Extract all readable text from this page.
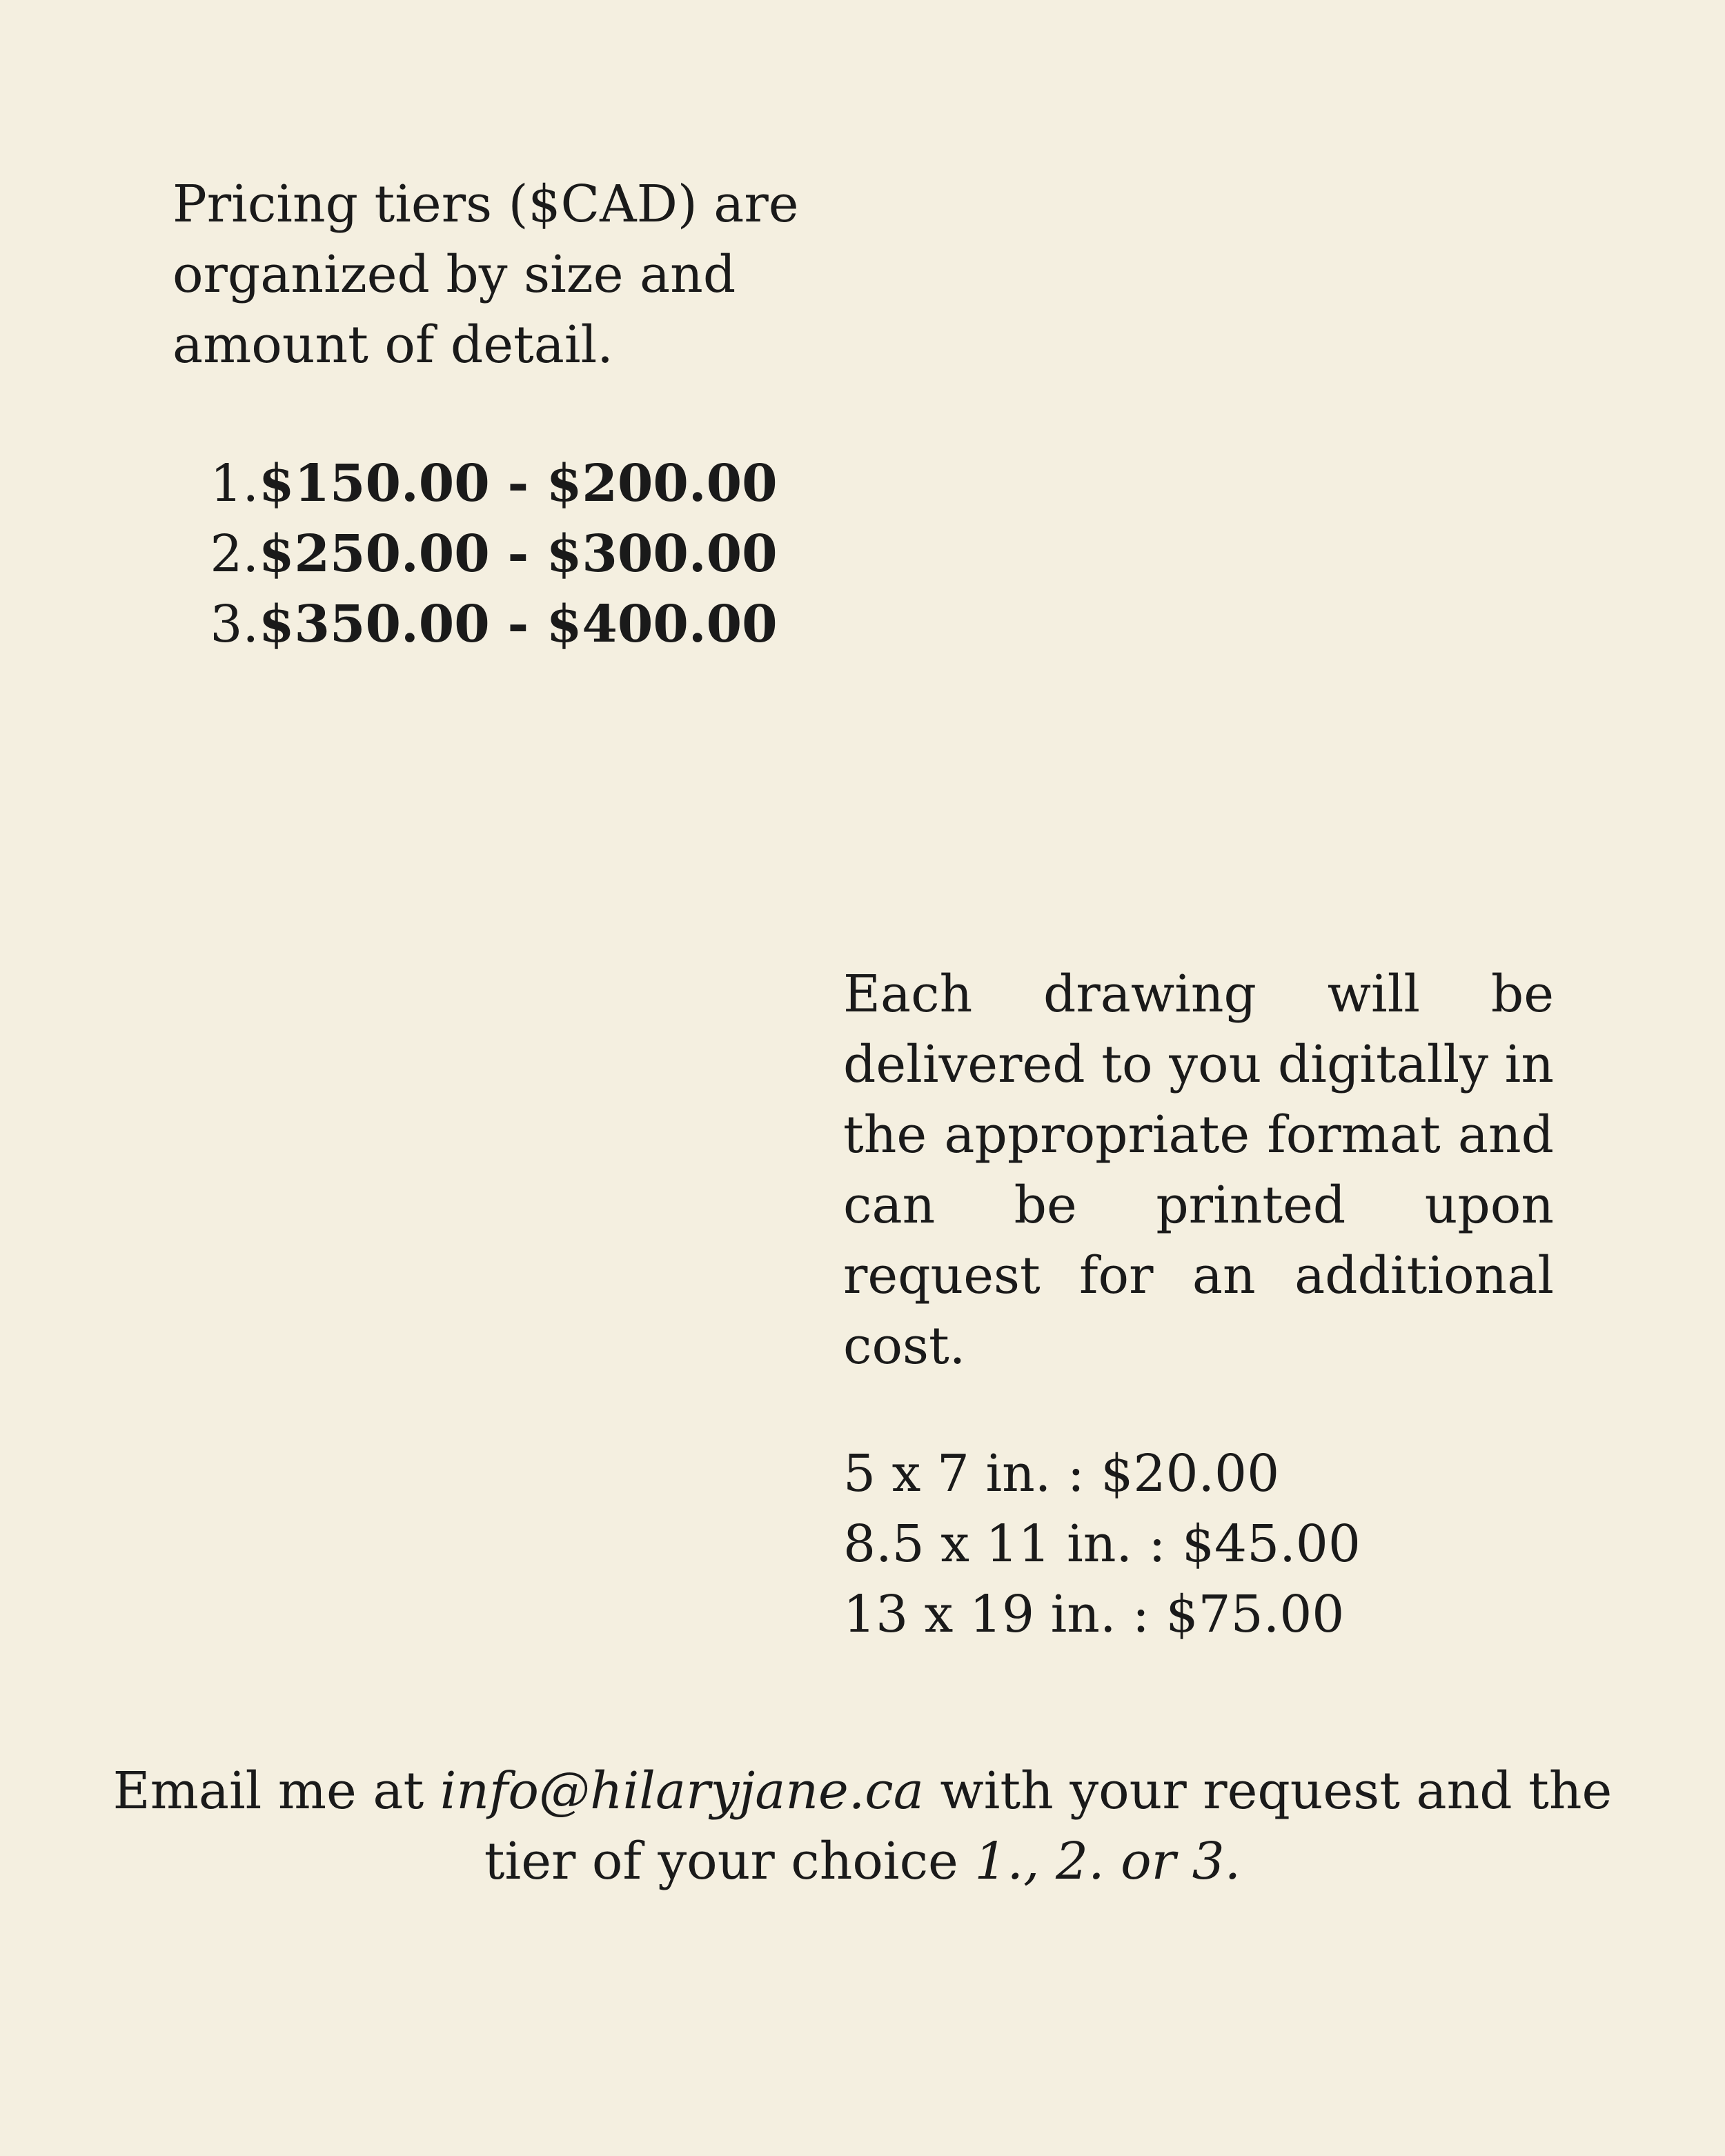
Pricing tiers ($CAD) are organized by size and amount of detail.

1. $150.00 - $200.00
2. $250.00 - $300.00
3. $350.00 - $400.00

Each drawing will be delivered to you digitally in the appropriate format and can be printed upon request for an additional cost.

5 x 7 in. : $20.00
8.5 x 11 in. : $45.00
13 x 19 in. : $75.00

Email me at info@hilaryjane.ca with your request and the tier of your choice 1., 2. or 3.
